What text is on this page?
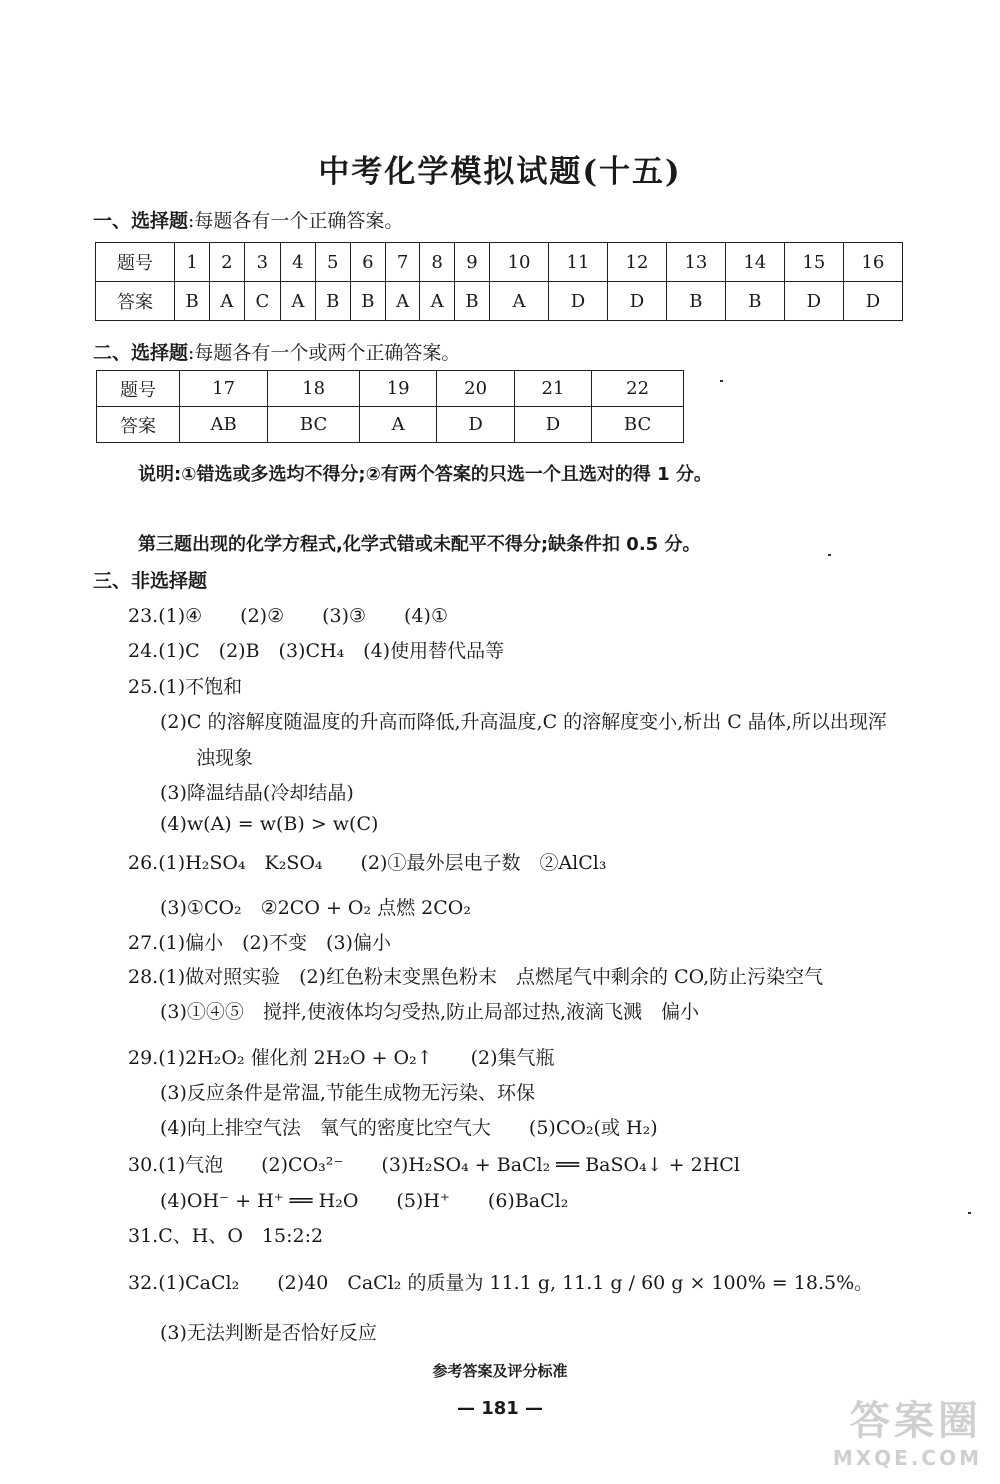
中考化学模拟试题(十五)
一、选择题:每题各有一个正确答案。
题号	1	2	3	4	5	6	7	8	9	10	11	12	13	14	15	16
答案	B	A	C	A	B	B	A	A	B	A	D	D	B	B	D	D
二、选择题:每题各有一个或两个正确答案。
题号	17	18	19	20	21	22
答案	AB	BC	A	D	D	BC
说明:①错选或多选均不得分;②有两个答案的只选一个且选对的得 1 分。
第三题出现的化学方程式,化学式错或未配平不得分;缺条件扣 0.5 分。
三、非选择题
23.(1)④　　(2)②　　(3)③　　(4)①
24.(1)C　(2)B　(3)CH₄　(4)使用替代品等
25.(1)不饱和
(2)C 的溶解度随温度的升高而降低,升高温度,C 的溶解度变小,析出 C 晶体,所以出现浑
浊现象
(3)降温结晶(冷却结晶)
(4)w(A) = w(B) > w(C)
26.(1)H₂SO₄　K₂SO₄　　(2)①最外层电子数　②AlCl₃
(3)①CO₂　②2CO + O₂ 点燃 2CO₂
27.(1)偏小　(2)不变　(3)偏小
28.(1)做对照实验　(2)红色粉末变黑色粉末　点燃尾气中剩余的 CO,防止污染空气
(3)①④⑤　搅拌,使液体均匀受热,防止局部过热,液滴飞溅　偏小
29.(1)2H₂O₂ 催化剂 2H₂O + O₂↑　　(2)集气瓶
(3)反应条件是常温,节能生成物无污染、环保
(4)向上排空气法　氧气的密度比空气大　　(5)CO₂(或 H₂)
30.(1)气泡　　(2)CO₃²⁻　　(3)H₂SO₄ + BaCl₂ ══ BaSO₄↓ + 2HCl
(4)OH⁻ + H⁺ ══ H₂O　　(5)H⁺　　(6)BaCl₂
31.C、H、O　15:2:2
32.(1)CaCl₂　　(2)40　CaCl₂ 的质量为 11.1 g, 11.1 g / 60 g × 100% = 18.5%。
(3)无法判断是否恰好反应
参考答案及评分标准
— 181 —	答案圈
MXQE.COM
